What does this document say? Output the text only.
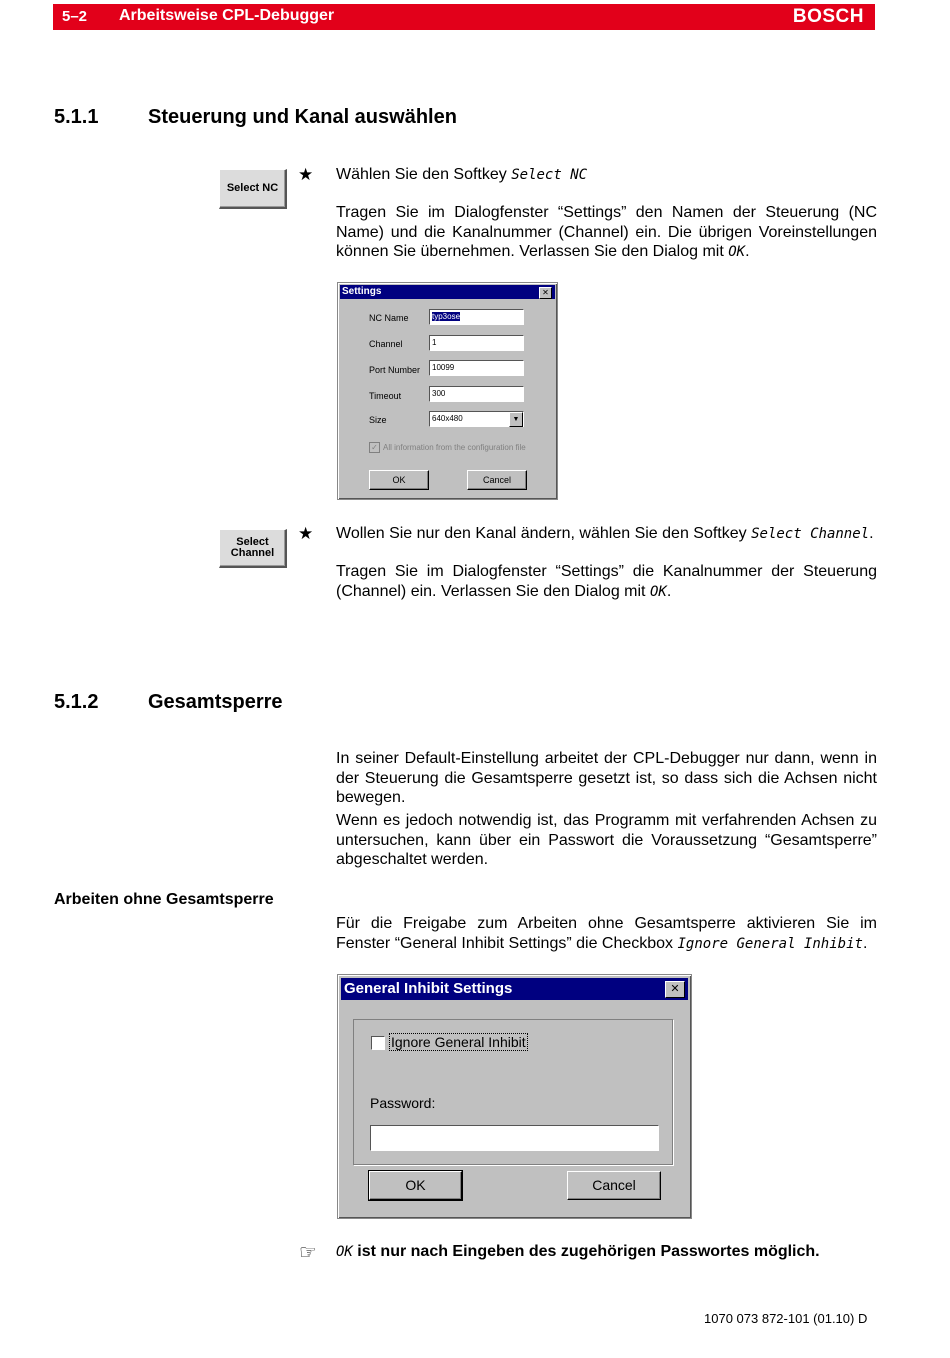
5–2 Arbeitsweise CPL-Debugger	BOSCH
5.1.1 Steuerung und Kanal auswählen
Select NC
★ Wählen Sie den Softkey Select NC
Tragen Sie im Dialogfenster “Settings” den Namen der Steuerung (NC Name) und die Kanalnummer (Channel) ein. Die übrigen Voreinstellungen können Sie übernehmen. Verlassen Sie den Dialog mit OK.
Settings	✕
NC Name	typ3ose
Channel	1
Port Number	10099
Timeout	300
Size	640x480	▼
✓ All information from the configuration file
OK	Cancel
Select
Channel
★ Wollen Sie nur den Kanal ändern, wählen Sie den Softkey Select Channel.
Tragen Sie im Dialogfenster “Settings” die Kanalnummer der Steuerung (Channel) ein. Verlassen Sie den Dialog mit OK.
5.1.2 Gesamtsperre
In seiner Default-Einstellung arbeitet der CPL-Debugger nur dann, wenn in der Steuerung die Gesamtsperre gesetzt ist, so dass sich die Achsen nicht bewegen.
Wenn es jedoch notwendig ist, das Programm mit verfahrenden Achsen zu untersuchen, kann über ein Passwort die Voraussetzung “Gesamtsperre” abgeschaltet werden.
Arbeiten ohne Gesamtsperre
Für die Freigabe zum Arbeiten ohne Gesamtsperre aktivieren Sie im Fenster “General Inhibit Settings” die Checkbox Ignore General Inhibit.
General Inhibit Settings	✕
Ignore General Inhibit
Password:
OK	Cancel
☞ OK ist nur nach Eingeben des zugehörigen Passwortes möglich.
1070 073 872-101 (01.10) D
